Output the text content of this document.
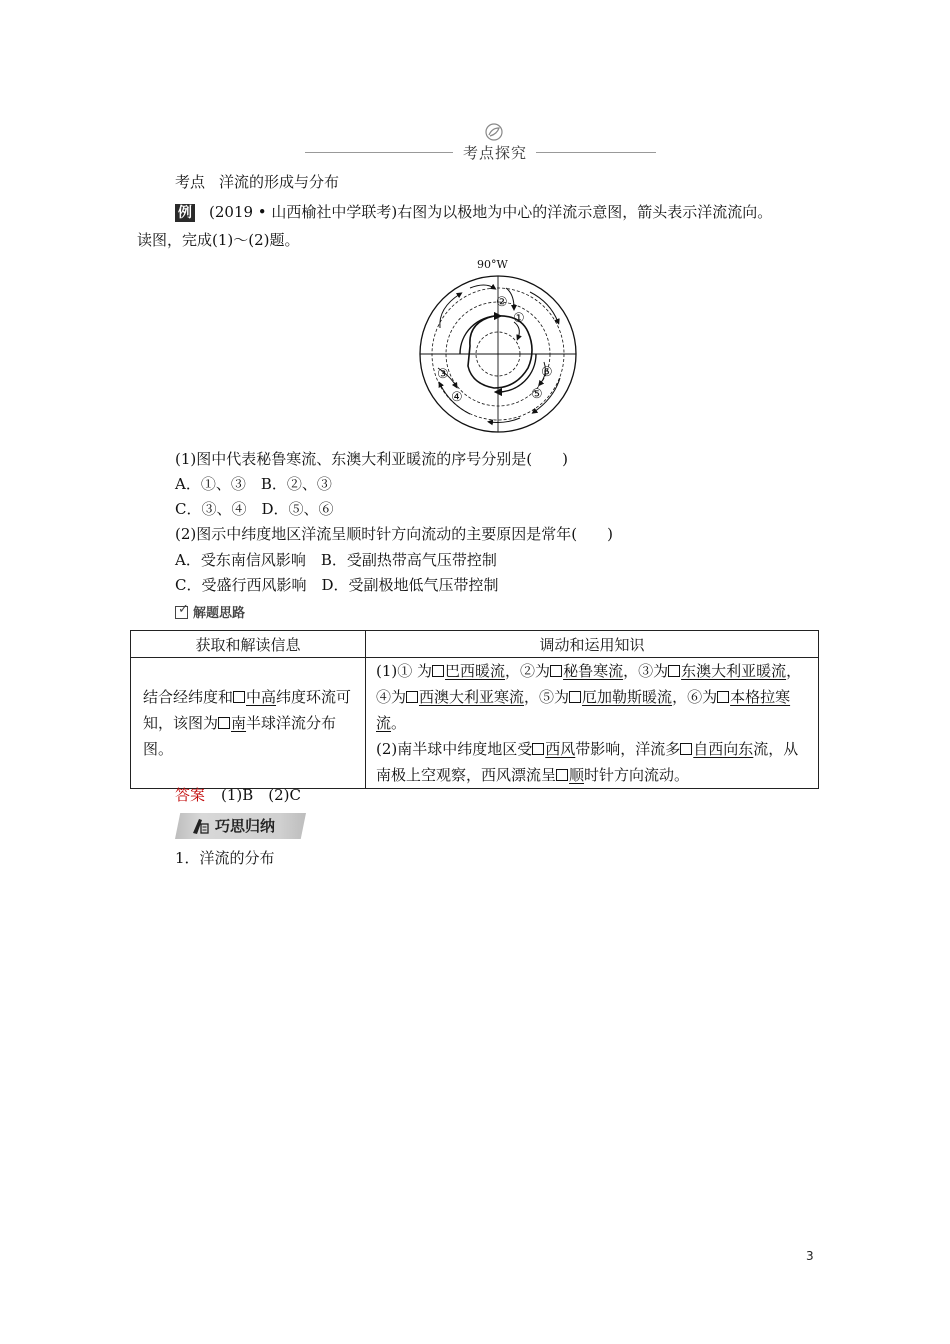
考点探究
考点 洋流的形成与分布
例 (2019 • 山西榆社中学联考)右图为以极地为中心的洋流示意图，箭头表示洋流流向。
读图，完成(1)～(2)题。
90°W
①
②
③
④	⑤
⑥
(1)图中代表秘鲁寒流、东澳大利亚暖流的序号分别是(　　)
A．①、③　B．②、③
C．③、④　D．⑤、⑥
(2)图示中纬度地区洋流呈顺时针方向流动的主要原因是常年(　　)
A．受东南信风影响　B．受副热带高气压带控制
C．受盛行西风影响　D．受副极地低气压带控制
✓ 解题思路
获取和解读信息	调动和运用知识
结合经纬度和 中高纬度环流可知，该图为 南半球洋流分布图。	(1)① 为 巴西暖流，②为 秘鲁寒流，③为 东澳大利亚暖流，④为 西澳大利亚寒流，⑤为 厄加勒斯暖流，⑥为 本格拉寒流。
(2)南半球中纬度地区受 西风带影响，洋流多 自西向东流，从南极上空观察，西风漂流呈 顺时针方向流动。
答案 (1)B　(2)C
巧思归纳
1．洋流的分布
3
